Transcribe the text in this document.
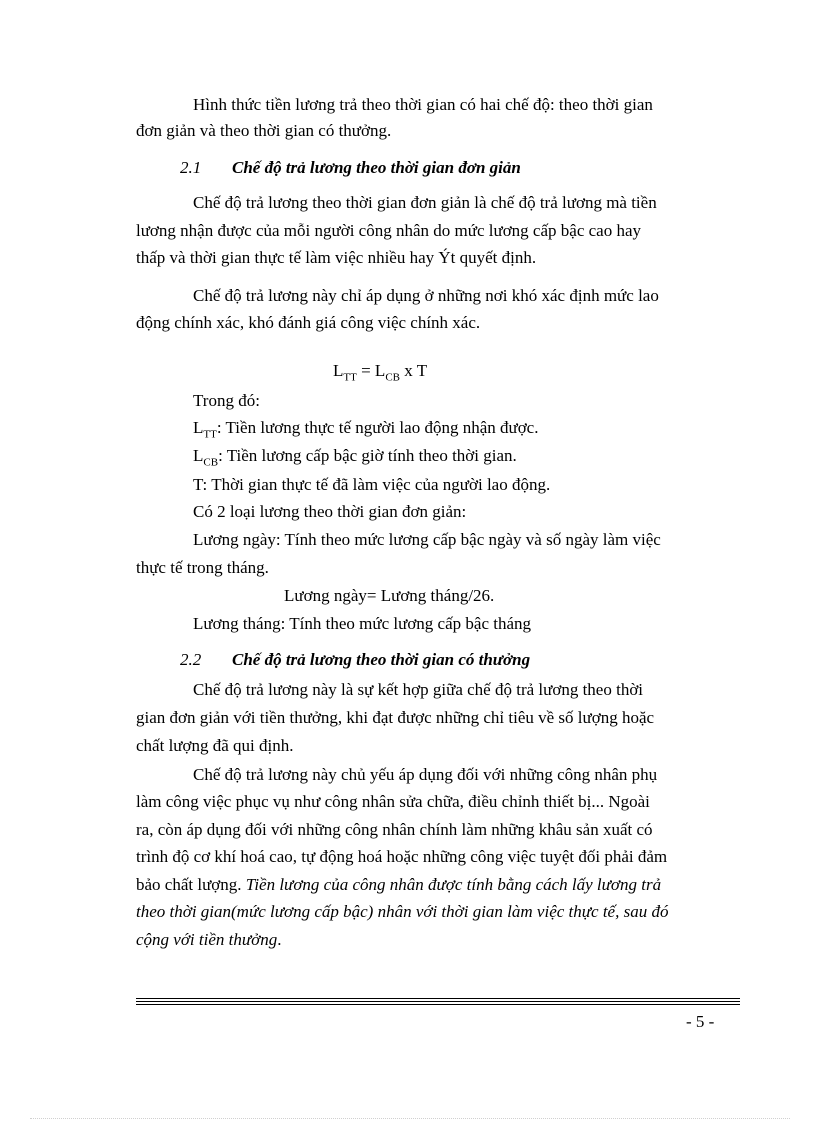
Hình thức tiền lương trả theo thời gian có hai chế độ: theo thời gian

đơn giản và theo thời gian có thưởng.

2.1 Chế độ trả lương theo thời gian đơn giản

Chế độ trả lương theo thời gian đơn giản là chế độ trả lương mà tiền

lương nhận được của mỗi người công nhân do mức lương cấp bậc cao hay

thấp và thời gian thực tế làm việc nhiều hay Ýt quyết định.

Chế độ trả lương này chỉ áp dụng ở những nơi khó xác định mức lao

động chính xác, khó đánh giá công việc chính xác.

$L_{TT} = L_{CB}$ x T

Trong đó:

$L_{TT}$: Tiền lương thực tế người lao động nhận được.

$L_{CB}$: Tiền lương cấp bậc giờ tính theo thời gian.

T: Thời gian thực tế đã làm việc của người lao động.

Có 2 loại lương theo thời gian đơn giản:

Lương ngày: Tính theo mức lương cấp bậc ngày và số ngày làm việc

thực tế trong tháng.

Lương ngày= Lương tháng/26.

Lương tháng: Tính theo mức lương cấp bậc tháng

2.2 Chế độ trả lương theo thời gian có thưởng

Chế độ trả lương này là sự kết hợp giữa chế độ trả lương theo thời

gian đơn giản với tiền thưởng, khi đạt được những chỉ tiêu về số lượng hoặc

chất lượng đã qui định.

Chế độ trả lương này chủ yếu áp dụng đối với những công nhân phụ

làm công việc phục vụ như công nhân sửa chữa, điều chỉnh thiết bị... Ngoài

ra, còn áp dụng đối với những công nhân chính làm những khâu sản xuất có

trình độ cơ khí hoá cao, tự động hoá hoặc những công việc tuyệt đối phải đảm

bảo chất lượng. Tiền lương của công nhân được tính bằng cách lấy lương trả

theo thời gian(mức lương cấp bậc) nhân với thời gian làm việc thực tế, sau đó

cộng với tiền thưởng.

- 5 -
